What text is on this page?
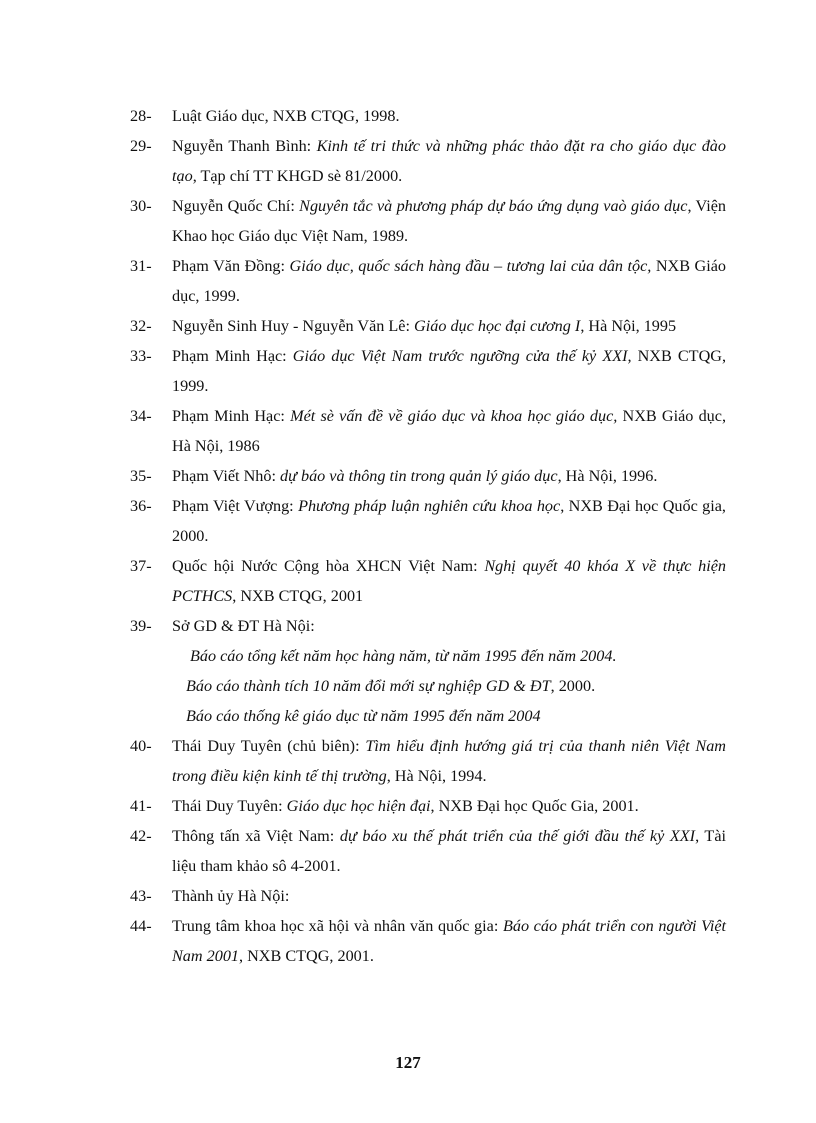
28- Luật Giáo dục, NXB CTQG, 1998.
29- Nguyễn Thanh Bình: Kinh tế tri thức và những phác thảo đặt ra cho giáo dục đào tạo, Tạp chí TT KHGD sè 81/2000.
30- Nguyễn Quốc Chí: Nguyên tắc và phương pháp dự báo ứng dụng vaò giáo dục, Viện Khao học Giáo dục Việt Nam, 1989.
31- Phạm Văn Đồng: Giáo dục, quốc sách hàng đầu – tương lai của dân tộc, NXB Giáo dục, 1999.
32- Nguyễn Sinh Huy - Nguyễn Văn Lê: Giáo dục học đại cương I, Hà Nội, 1995
33- Phạm Minh Hạc: Giáo dục Việt Nam trước ngưỡng cửa thế kỷ XXI, NXB CTQG, 1999.
34- Phạm Minh Hạc: Mét sè vấn đề về giáo dục và khoa học giáo dục, NXB Giáo dục, Hà Nội, 1986
35- Phạm Viết Nhô: dự báo và thông tin trong quản lý giáo dục, Hà Nội, 1996.
36- Phạm Việt Vượng: Phương pháp luận nghiên cứu khoa học, NXB Đại học Quốc gia, 2000.
37- Quốc hội Nước Cộng hòa XHCN Việt Nam: Nghị quyết 40 khóa X về thực hiện PCTHCS, NXB CTQG, 2001
39- Sở GD & ĐT Hà Nội:
Báo cáo tổng kết năm học hàng năm, từ năm 1995 đến năm 2004.
Báo cáo thành tích 10 năm đổi mới sự nghiệp GD & ĐT, 2000.
Báo cáo thống kê giáo dục từ năm 1995 đến năm 2004
40- Thái Duy Tuyên (chủ biên): Tìm hiểu định hướng giá trị của thanh niên Việt Nam trong điều kiện kinh tế thị trường, Hà Nội, 1994.
41- Thái Duy Tuyên: Giáo dục học hiện đại, NXB Đại học Quốc Gia, 2001.
42- Thông tấn xã Việt Nam: dự báo xu thế phát triển của thế giới đầu thế kỷ XXI, Tài liệu tham khảo sô 4-2001.
43- Thành ủy Hà Nội:
44- Trung tâm khoa học xã hội và nhân văn quốc gia: Báo cáo phát triển con người Việt Nam 2001, NXB CTQG, 2001.
127
